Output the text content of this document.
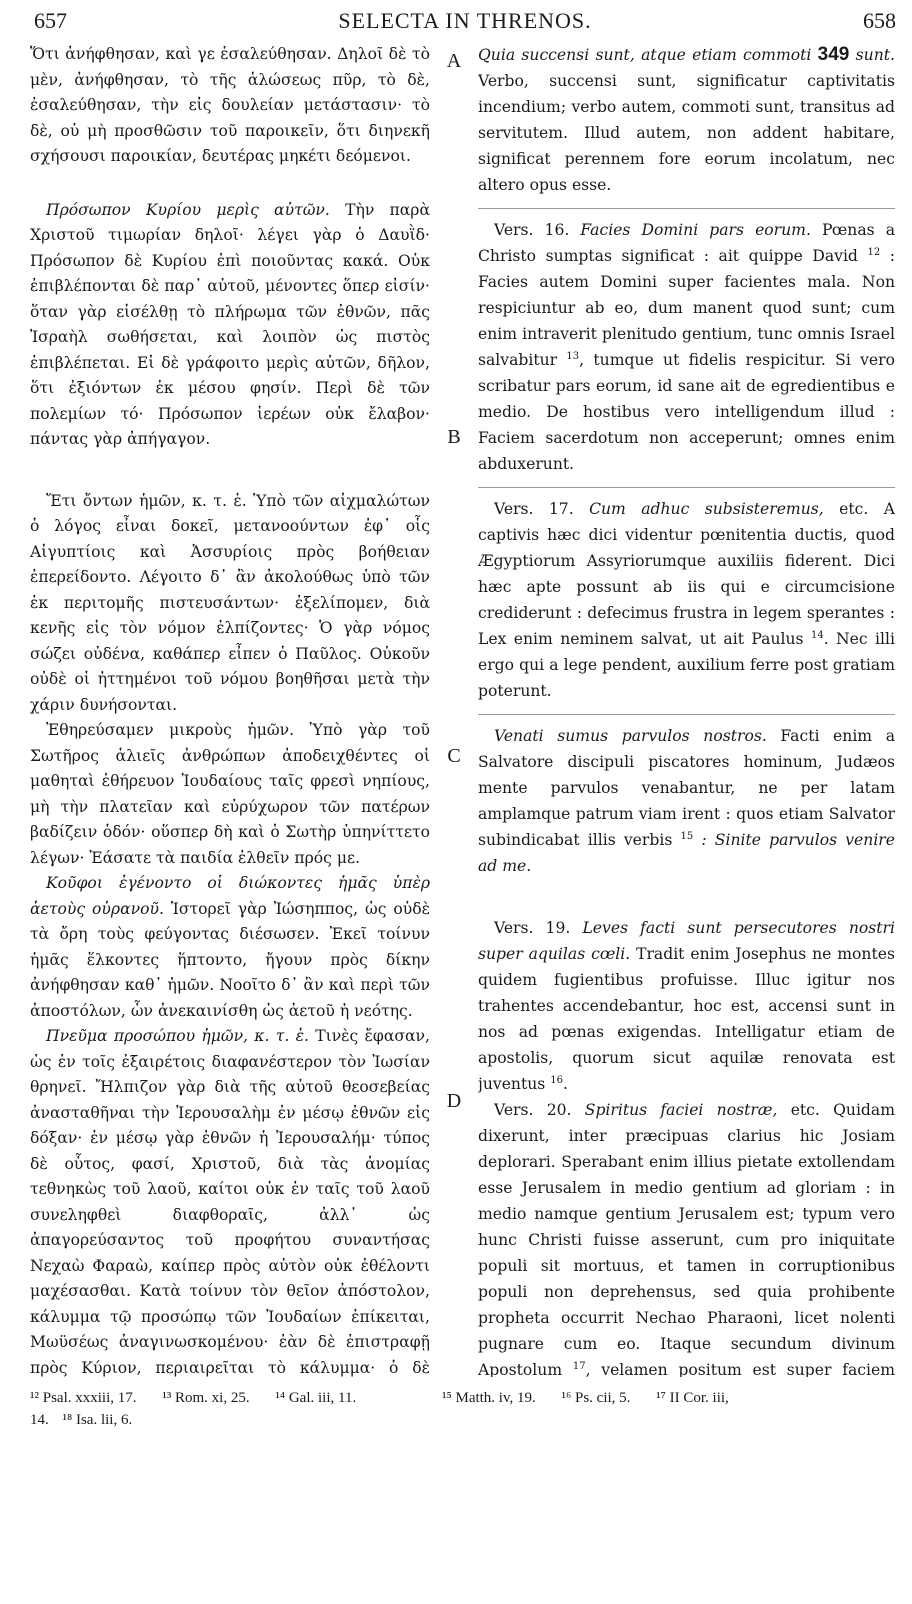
657	SELECTA IN THRENOS.	658

Ὅτι ἀνήφθησαν, καὶ γε ἐσαλεύθησαν. Δηλοῖ δὲ τὸ μὲν, ἀνήφθησαν, τὸ τῆς ἁλώσεως πῦρ, τὸ δὲ, ἐσαλεύθησαν, τὴν εἰς δουλείαν μετάστασιν· τὸ δὲ, οὐ μὴ προσθῶσιν τοῦ παροικεῖν, ὅτι διηνεκῆ σχήσουσι παροικίαν, δευτέρας μηκέτι δεόμενοι.

Πρόσωπον Κυρίου μερὶς αὐτῶν. Τὴν παρὰ Χριστοῦ τιμωρίαν δηλοῖ· λέγει γὰρ ὁ Δαυῒδ· Πρόσωπον δὲ Κυρίου ἐπὶ ποιοῦντας κακά. Οὐκ ἐπιβλέπονται δὲ παρ᾽ αὐτοῦ, μένοντες ὅπερ εἰσίν· ὅταν γὰρ εἰσέλθῃ τὸ πλήρωμα τῶν ἐθνῶν, πᾶς Ἰσραὴλ σωθήσεται, καὶ λοιπὸν ὡς πιστὸς ἐπιβλέπεται. Εἰ δὲ γράφοιτο μερὶς αὐτῶν, δῆλον, ὅτι ἐξιόντων ἐκ μέσου φησίν. Περὶ δὲ τῶν πολεμίων τό· Πρόσωπον ἱερέων οὐκ ἔλαβον· πάντας γὰρ ἀπήγαγον.

Ἔτι ὄντων ἡμῶν, κ. τ. ἑ. Ὑπὸ τῶν αἰχμαλώτων ὁ λόγος εἶναι δοκεῖ, μετανοούντων ἐφ᾽ οἷς Αἰγυπτίοις καὶ Ἀσσυρίοις πρὸς βοήθειαν ἐπερείδοντο. Λέγοιτο δ᾽ ἂν ἀκολούθως ὑπὸ τῶν ἐκ περιτομῆς πιστευσάντων· ἐξελίπομεν, διὰ κενῆς εἰς τὸν νόμον ἐλπίζοντες· Ὁ γὰρ νόμος σώζει οὐδένα, καθάπερ εἶπεν ὁ Παῦλος. Οὐκοῦν οὐδὲ οἱ ἡττημένοι τοῦ νόμου βοηθῆσαι μετὰ τὴν χάριν δυνήσονται.

Ἐθηρεύσαμεν μικροὺς ἡμῶν. Ὑπὸ γὰρ τοῦ Σωτῆρος ἁλιεῖς ἀνθρώπων ἀποδειχθέντες οἱ μαθηταὶ ἐθήρευον Ἰουδαίους ταῖς φρεσὶ νηπίους, μὴ τὴν πλατεῖαν καὶ εὐρύχωρον τῶν πατέρων βαδίζειν ὁδόν· οὕσπερ δὴ καὶ ὁ Σωτὴρ ὑπηνίττετο λέγων· Ἐάσατε τὰ παιδία ἐλθεῖν πρός με.

Κοῦφοι ἐγένοντο οἱ διώκοντες ἡμᾶς ὑπὲρ ἀετοὺς οὐρανοῦ. Ἱστορεῖ γὰρ Ἰώσηππος, ὡς οὐδὲ τὰ ὄρη τοὺς φεύγοντας διέσωσεν. Ἐκεῖ τοίνυν ἡμᾶς ἕλκοντες ἥπτοντο, ἤγουν πρὸς δίκην ἀνήφθησαν καθ᾽ ἡμῶν. Νοοῖτο δ᾽ ἂν καὶ περὶ τῶν ἀποστόλων, ὧν ἀνεκαινίσθη ὡς ἀετοῦ ἡ νεότης.

Πνεῦμα προσώπου ἡμῶν, κ. τ. ἑ. Τινὲς ἔφασαν, ὡς ἐν τοῖς ἐξαιρέτοις διαφανέστερον τὸν Ἰωσίαν θρηνεῖ. Ἤλπιζον γὰρ διὰ τῆς αὐτοῦ θεοσεβείας ἀνασταθῆναι τὴν Ἱερουσαλὴμ ἐν μέσῳ ἐθνῶν εἰς δόξαν· ἐν μέσῳ γὰρ ἐθνῶν ἡ Ἱερουσαλήμ· τύπος δὲ οὗτος, φασί, Χριστοῦ, διὰ τὰς ἀνομίας τεθνηκὼς τοῦ λαοῦ, καίτοι οὐκ ἐν ταῖς τοῦ λαοῦ συνεληφθεὶ διαφθοραῖς, ἀλλ᾽ ὡς ἀπαγορεύσαντος τοῦ προφήτου συναντήσας Νεχαὼ Φαραὼ, καίπερ πρὸς αὐτὸν οὐκ ἐθέλοντι μαχέσασθαι. Κατὰ τοίνυν τὸν θεῖον ἀπόστολον, κάλυμμα τῷ προσώπῳ τῶν Ἰουδαίων ἐπίκειται, Μωϋσέως ἀναγινωσκομένου· ἐὰν δὲ ἐπιστραφῇ πρὸς Κύριον, περιαιρεῖται τὸ κάλυμμα· ὁ δὲ

A
B
C
D

Quia succensi sunt, atque etiam commoti 349 sunt. Verbo, succensi sunt, significatur captivitatis incendium; verbo autem, commoti sunt, transitus ad servitutem. Illud autem, non addent habitare, significat perennem fore eorum incolatum, nec altero opus esse.

Vers. 16. Facies Domini pars eorum. Pœnas a Christo sumptas significat : ait quippe David $^{12}$ : Facies autem Domini super facientes mala. Non respiciuntur ab eo, dum manent quod sunt; cum enim intraverit plenitudo gentium, tunc omnis Israel salvabitur $^{13}$, tumque ut fidelis respicitur. Si vero scribatur pars eorum, id sane ait de egredientibus e medio. De hostibus vero intelligendum illud : Faciem sacerdotum non acceperunt; omnes enim abduxerunt.

Vers. 17. Cum adhuc subsisteremus, etc. A captivis hæc dici videntur pœnitentia ductis, quod Ægyptiorum Assyriorumque auxiliis fiderent. Dici hæc apte possunt ab iis qui e circumcisione crediderunt : defecimus frustra in legem sperantes : Lex enim neminem salvat, ut ait Paulus $^{14}$. Nec illi ergo qui a lege pendent, auxilium ferre post gratiam poterunt.

Venati sumus parvulos nostros. Facti enim a Salvatore discipuli piscatores hominum, Judæos mente parvulos venabantur, ne per latam amplamque patrum viam irent : quos etiam Salvator subindicabat illis verbis $^{15}$ : Sinite parvulos venire ad me.

Vers. 19. Leves facti sunt persecutores nostri super aquilas cœli. Tradit enim Josephus ne montes quidem fugientibus profuisse. Illuc igitur nos trahentes accendebantur, hoc est, accensi sunt in nos ad pœnas exigendas. Intelligatur etiam de apostolis, quorum sicut aquilæ renovata est juventus $^{16}$.

Vers. 20. Spiritus faciei nostræ, etc. Quidam dixerunt, inter præcipuas clarius hic Josiam deplorari. Sperabant enim illius pietate extollendam esse Jerusalem in medio gentium ad gloriam : in medio namque gentium Jerusalem est; typum vero hunc Christi fuisse asserunt, cum pro iniquitate populi sit mortuus, et tamen in corruptionibus populi non deprehensus, sed quia prohibente propheta occurrit Nechao Pharaoni, licet nolenti pugnare cum eo. Itaque secundum divinum Apostolum $^{17}$, velamen positum est super faciem

¹² Psal. xxxiii, 17. ¹³ Rom. xi, 25. ¹⁴ Gal. iii, 11.	¹⁵ Matth. iv, 19. ¹⁶ Ps. cii, 5. ¹⁷ II Cor. iii,
14. ¹⁸ Isa. lii, 6.
